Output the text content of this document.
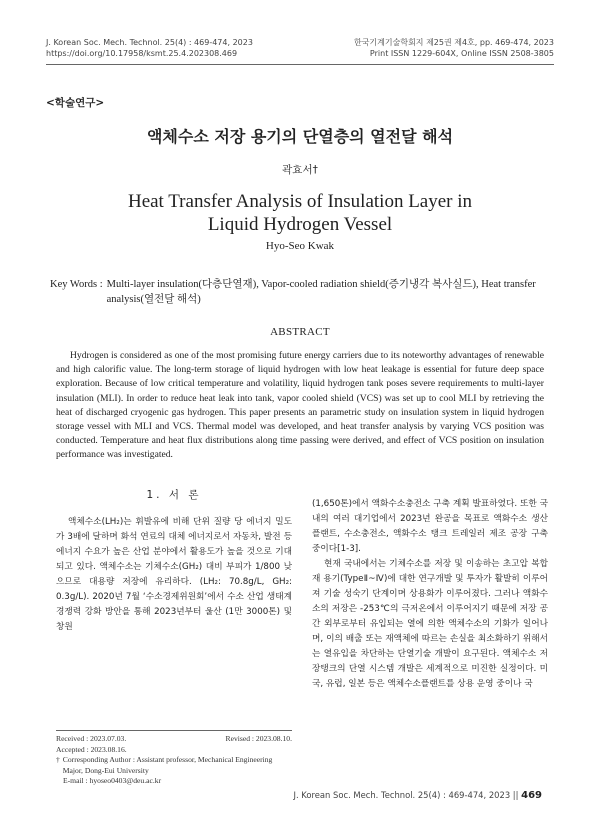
J. Korean Soc. Mech. Technol. 25(4) : 469-474, 2023
https://doi.org/10.17958/ksmt.25.4.202308.469
한국기계기술학회지 제25권 제4호, pp. 469-474, 2023
Print ISSN 1229-604X, Online ISSN 2508-3805
<학술연구>
액체수소 저장 용기의 단열층의 열전달 해석
곽효서†
Heat Transfer Analysis of Insulation Layer in
Liquid Hydrogen Vessel
Hyo-Seo Kwak
Key Words : Multi-layer insulation(다층단열재), Vapor-cooled radiation shield(증기냉각 복사실드), Heat transfer analysis(열전달 해석)
ABSTRACT
Hydrogen is considered as one of the most promising future energy carriers due to its noteworthy advantages of renewable and high calorific value. The long-term storage of liquid hydrogen with low heat leakage is essential for future deep space exploration. Because of low critical temperature and volatility, liquid hydrogen tank poses severe requirements to multi-layer insulation (MLI). In order to reduce heat leak into tank, vapor cooled shield (VCS) was set up to cool MLI by retrieving the heat of discharged cryogenic gas hydrogen. This paper presents an parametric study on insulation system in liquid hydrogen storage vessel with MLI and VCS. Thermal model was developed, and heat transfer analysis by varying VCS position was conducted. Temperature and heat flux distributions along time passing were derived, and effect of VCS position on insulation performance was investigated.
1. 서 론
액체수소(LH₂)는 휘발유에 비해 단위 질량 당 에너지 밀도가 3배에 달하며 화석 연료의 대체 에너지로서 자동차, 발전 등 에너지 수요가 높은 산업 분야에서 활용도가 높을 것으로 기대되고 있다. 액체수소는 기체수소(GH₂) 대비 부피가 1/800 낮으므로 대용량 저장에 유리하다. (LH₂: 70.8g/L, GH₂: 0.3g/L). 2020년 7월 ‘수소경제위원회’에서 수소 산업 생태계 경쟁력 강화 방안을 통해 2023년부터 울산 (1만 3000톤) 및 창원
(1,650톤)에서 액화수소충전소 구축 계획 발표하였다. 또한 국내의 여러 대기업에서 2023년 완공을 목표로 액화수소 생산 플랜트, 수소충전소, 액화수소 탱크 트레일러 제조 공장 구축 중이다[1-3].
현재 국내에서는 기체수소를 저장 및 이송하는 초고압 복합재 용기(TypeⅡ~Ⅳ)에 대한 연구개발 및 투자가 활발히 이루어져 기술 성숙기 단계이며 상용화가 이루어졌다. 그러나 액화수소의 저장은 -253℃의 극저온에서 이루어지기 때문에 저장 공간 외부로부터 유입되는 열에 의한 액체수소의 기화가 일어나며, 이의 배출 또는 재액체에 따르는 손실을 최소화하기 위해서는 열유입을 차단하는 단열기술 개발이 요구된다. 액체수소 저장탱크의 단열 시스템 개발은 세계적으로 미진한 실정이다. 미국, 유럽, 일본 등은 액체수소플랜트를 상용 운영 중이나 국
Received : 2023.07.03.	Revised : 2023.08.10.
Accepted : 2023.08.16.
† Corresponding Author : Assistant professor, Mechanical Engineering Major, Dong-Eui University
E-mail : hyoseo0403@deu.ac.kr
J. Korean Soc. Mech. Technol. 25(4) : 469-474, 2023 || 469
